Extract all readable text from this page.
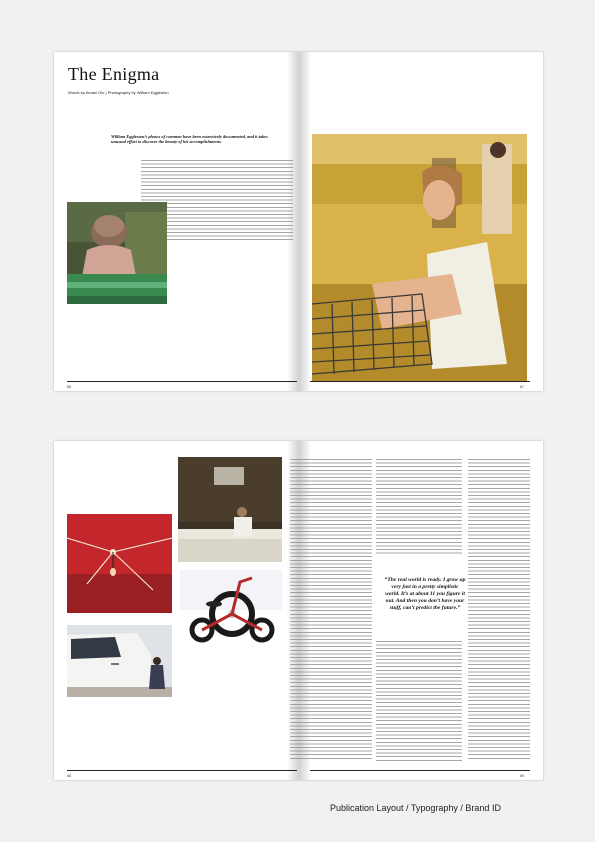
The Enigma
Words by Amani Olu | Photography by William Eggleston
William Eggleston’s photos of common have been extensively documented, and it takes unusual effort to discover the beauty of his accomplishments.
66	67
“The real world is ready. I grow up very fast in a pretty simplistic world. It’s at about 11 you figure it out. And then you don’t have your stuff, can’t predict the future.”
68	69
Publication Layout / Typography / Brand ID
